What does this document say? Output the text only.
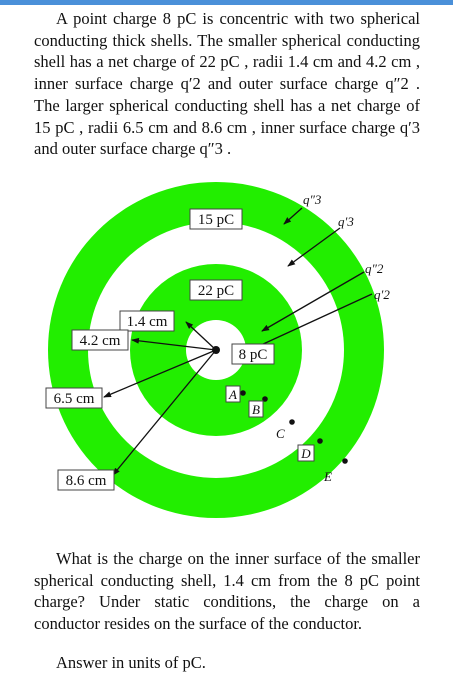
A point charge 8 pC is concentric with two spherical conducting thick shells. The smaller spherical conducting shell has a net charge of 22 pC , radii 1.4 cm and 4.2 cm , inner surface charge q′2 and outer surface charge q″2 . The larger spherical conducting shell has a net charge of 15 pC , radii 6.5 cm and 8.6 cm , inner surface charge q′3 and outer surface charge q″3 .
15 pC
22 pC
8 pC
1.4 cm
4.2 cm
6.5 cm
8.6 cm
q″3
q′3
q″2
q′2
A
B
C
D
E
What is the charge on the inner surface of the smaller spherical conducting shell, 1.4 cm from the 8 pC point charge? Under static conditions, the charge on a conductor resides on the surface of the conductor.
Answer in units of pC.
